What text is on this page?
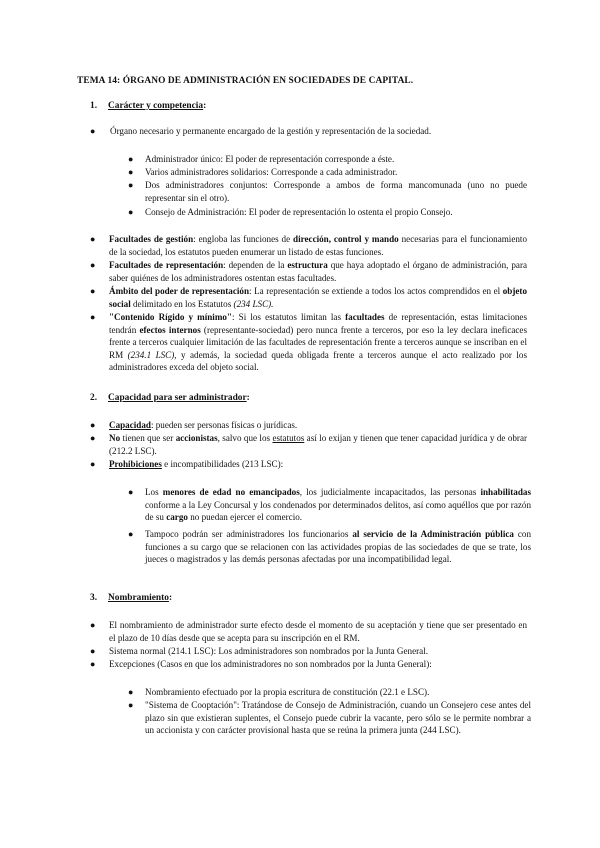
TEMA 14: ÓRGANO DE ADMINISTRACIÓN EN SOCIEDADES DE CAPITAL.
1. Carácter y competencia:
● Órgano necesario y permanente encargado de la gestión y representación de la sociedad.
● Administrador único: El poder de representación corresponde a éste.
● Varios administradores solidarios: Corresponde a cada administrador.
● Dos administradores conjuntos: Corresponde a ambos de forma mancomunada (uno no puede representar sin el otro).
● Consejo de Administración: El poder de representación lo ostenta el propio Consejo.
● Facultades de gestión: engloba las funciones de dirección, control y mando necesarias para el funcionamiento de la sociedad, los estatutos pueden enumerar un listado de estas funciones.
● Facultades de representación: dependen de la estructura que haya adoptado el órgano de administración, para saber quiénes de los administradores ostentan estas facultades.
● Ámbito del poder de representación: La representación se extiende a todos los actos comprendidos en el objeto social delimitado en los Estatutos (234 LSC).
● "Contenido Rígido y mínimo": Si los estatutos limitan las facultades de representación, estas limitaciones tendrán efectos internos (representante-sociedad) pero nunca frente a terceros, por eso la ley declara ineficaces frente a terceros cualquier limitación de las facultades de representación frente a terceros aunque se inscriban en el RM (234.1 LSC), y además, la sociedad queda obligada frente a terceros aunque el acto realizado por los administradores exceda del objeto social.
2. Capacidad para ser administrador:
● Capacidad: pueden ser personas físicas o jurídicas.
● No tienen que ser accionistas, salvo que los estatutos así lo exijan y tienen que tener capacidad jurídica y de obrar (212.2 LSC).
● Prohibiciones e incompatibilidades (213 LSC):
● Los menores de edad no emancipados, los judicialmente incapacitados, las personas inhabilitadas conforme a la Ley Concursal y los condenados por determinados delitos, así como aquéllos que por razón de su cargo no puedan ejercer el comercio.
● Tampoco podrán ser administradores los funcionarios al servicio de la Administración pública con funciones a su cargo que se relacionen con las actividades propias de las sociedades de que se trate, los jueces o magistrados y las demás personas afectadas por una incompatibilidad legal.
3. Nombramiento:
● El nombramiento de administrador surte efecto desde el momento de su aceptación y tiene que ser presentado en el plazo de 10 días desde que se acepta para su inscripción en el RM.
● Sistema normal (214.1 LSC): Los administradores son nombrados por la Junta General.
● Excepciones (Casos en que los administradores no son nombrados por la Junta General):
● Nombramiento efectuado por la propia escritura de constitución (22.1 e LSC).
● "Sistema de Cooptación": Tratándose de Consejo de Administración, cuando un Consejero cese antes del plazo sin que existieran suplentes, el Consejo puede cubrir la vacante, pero sólo se le permite nombrar a un accionista y con carácter provisional hasta que se reúna la primera junta (244 LSC).
